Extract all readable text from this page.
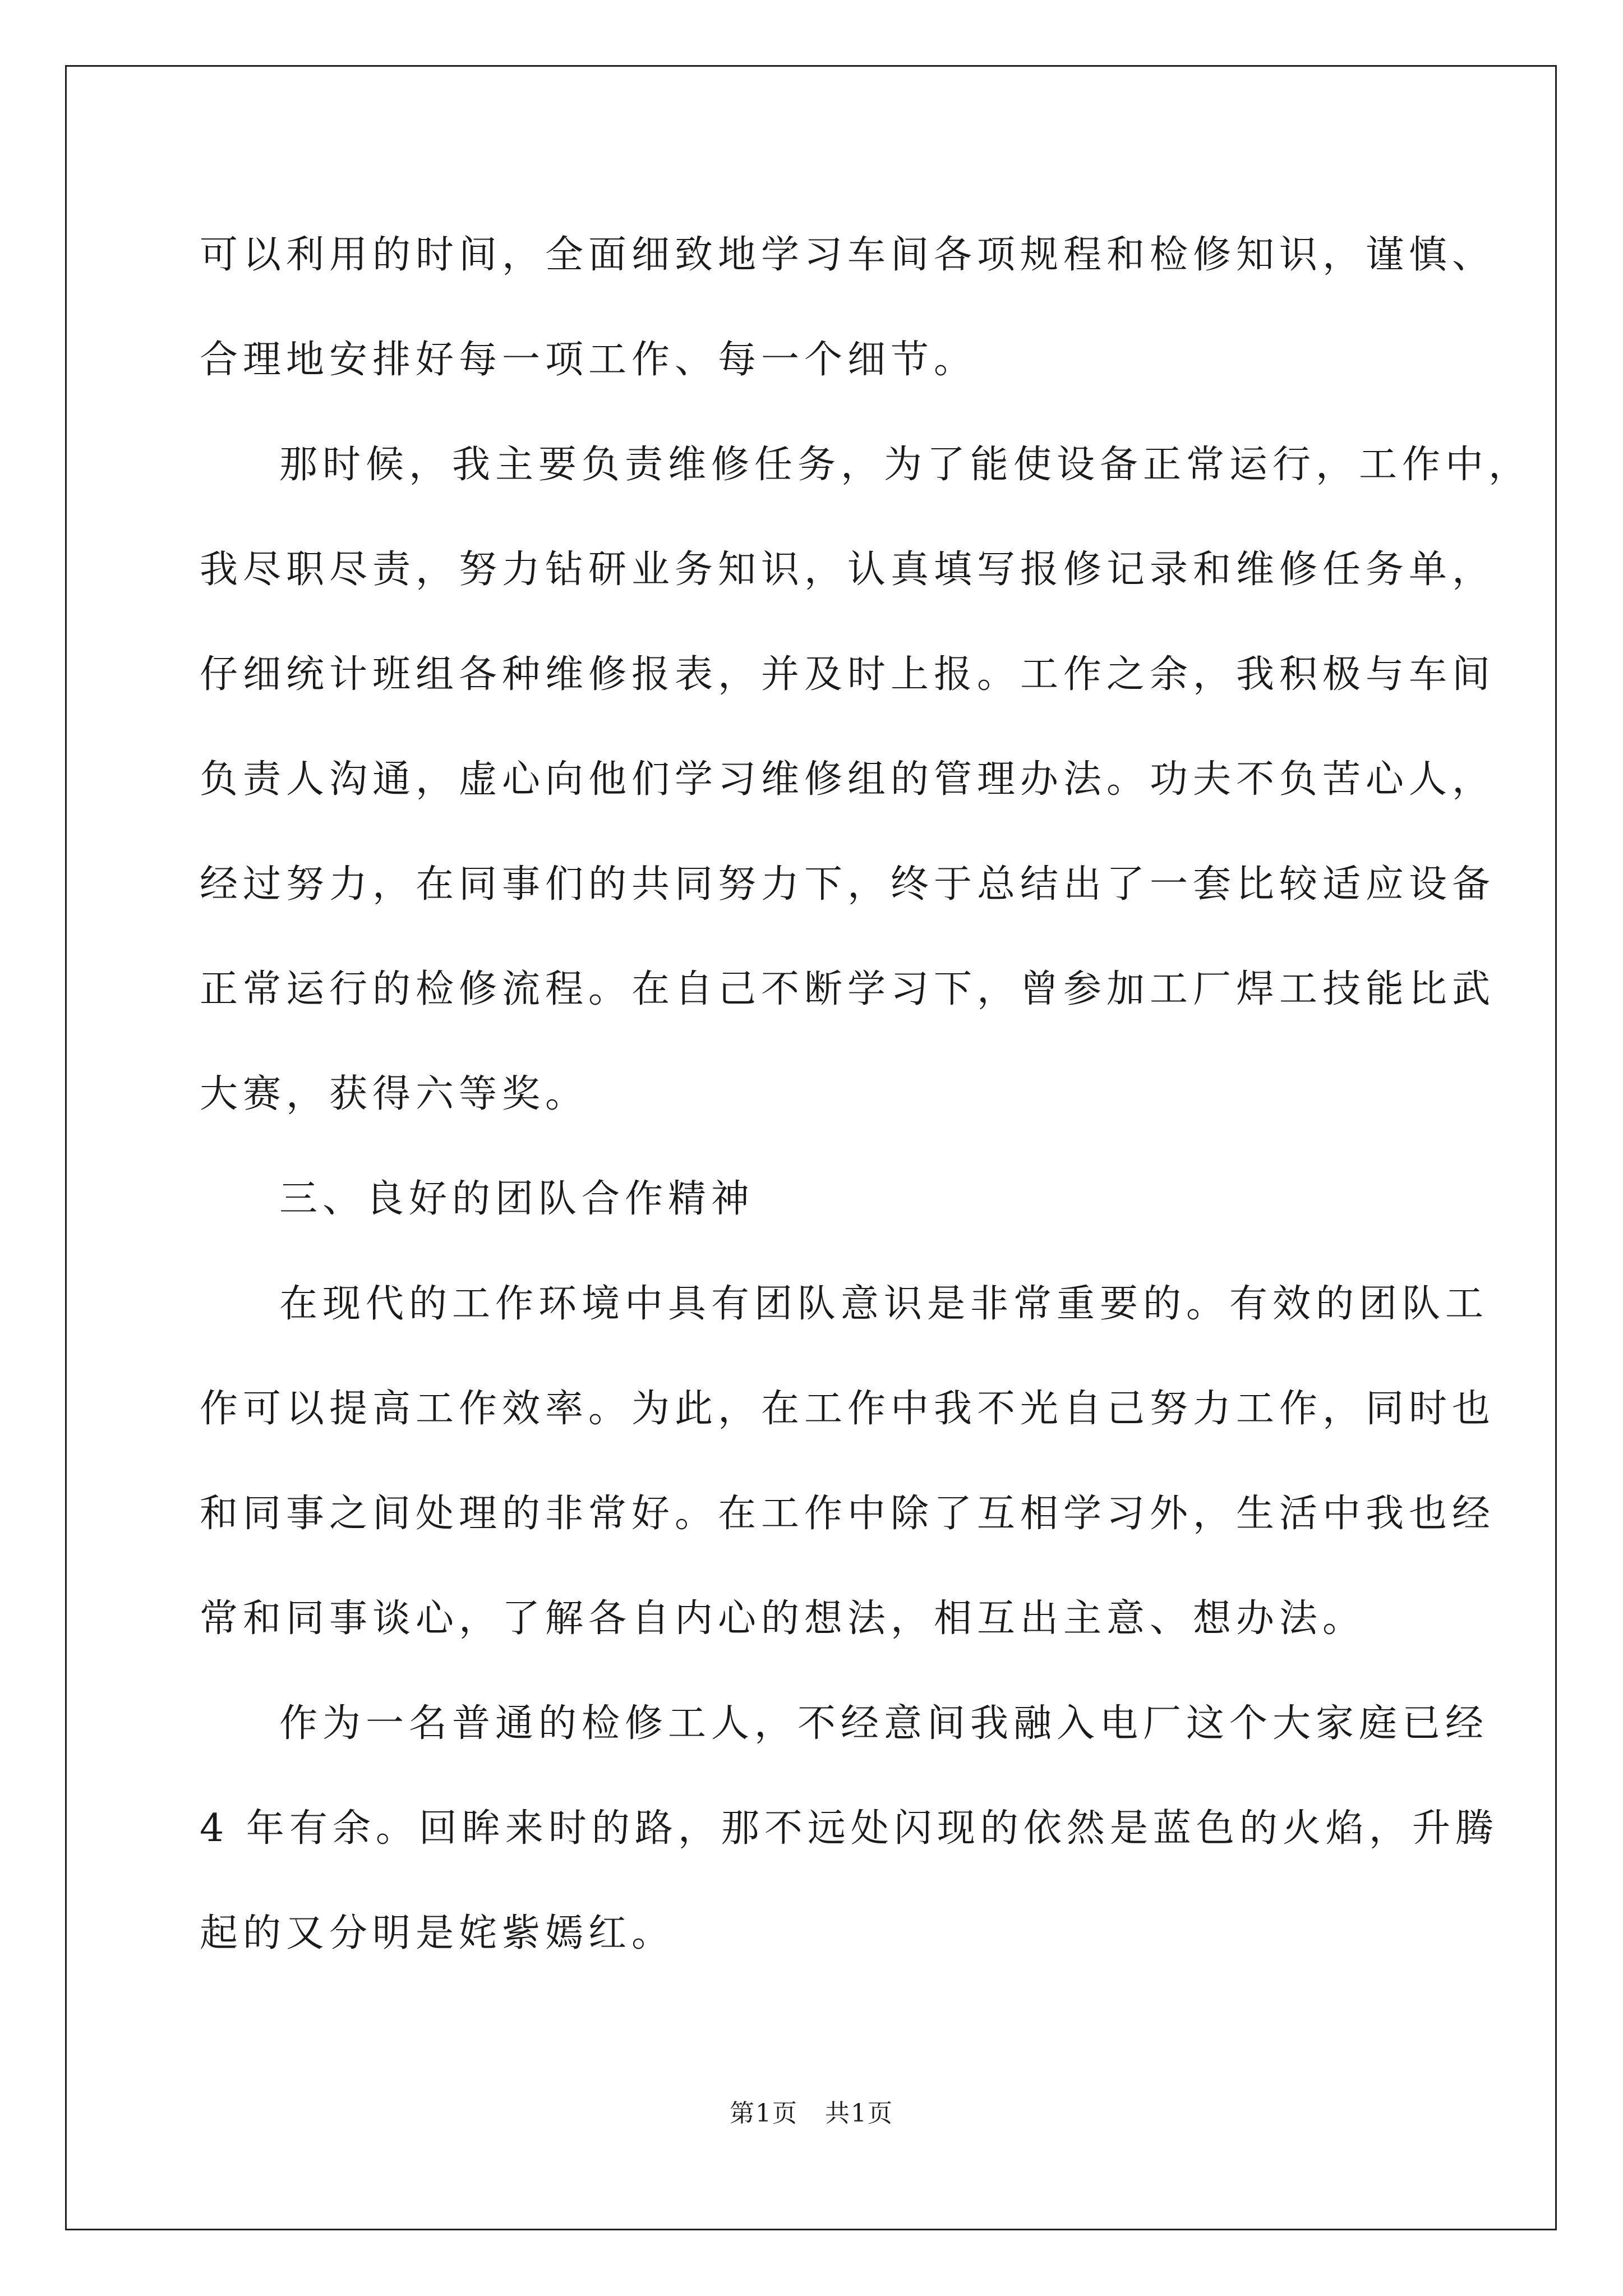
可以利用的时间，全面细致地学习车间各项规程和检修知识，谨慎、
合理地安排好每一项工作、每一个细节。
那时候，我主要负责维修任务，为了能使设备正常运行，工作中，
我尽职尽责，努力钻研业务知识，认真填写报修记录和维修任务单，
仔细统计班组各种维修报表，并及时上报。工作之余，我积极与车间
负责人沟通，虚心向他们学习维修组的管理办法。功夫不负苦心人，
经过努力，在同事们的共同努力下，终于总结出了一套比较适应设备
正常运行的检修流程。在自己不断学习下，曾参加工厂焊工技能比武
大赛，获得六等奖。
三、良好的团队合作精神
在现代的工作环境中具有团队意识是非常重要的。有效的团队工
作可以提高工作效率。为此，在工作中我不光自己努力工作，同时也
和同事之间处理的非常好。在工作中除了互相学习外，生活中我也经
常和同事谈心，了解各自内心的想法，相互出主意、想办法。
作为一名普通的检修工人，不经意间我融入电厂这个大家庭已经
4 年有余。回眸来时的路，那不远处闪现的依然是蓝色的火焰，升腾
起的又分明是姹紫嫣红。
第1页   共1页
